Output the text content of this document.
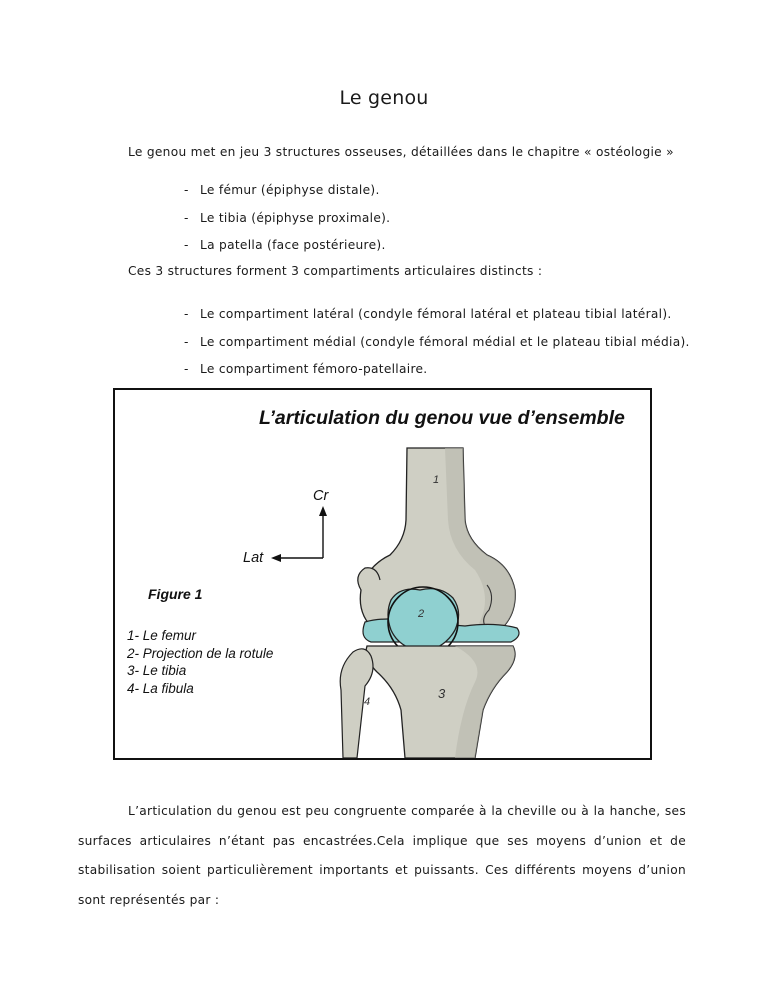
Le genou
Le genou met en jeu 3 structures osseuses, détaillées dans le chapitre « ostéologie »
- Le fémur (épiphyse distale).
- Le tibia (épiphyse proximale).
- La patella (face postérieure).
Ces 3 structures forment 3 compartiments articulaires distincts :
- Le compartiment latéral (condyle fémoral latéral et plateau tibial latéral).
- Le compartiment médial (condyle fémoral médial et le plateau tibial média).
- Le compartiment fémoro-patellaire.
L’articulation du genou vue d’ensemble
Cr
Lat
Figure 1
1- Le femur
2- Projection de la rotule
3- Le tibia
4- La fibula
1
2
3
4
L’articulation du genou est peu congruente comparée à la cheville ou à la hanche, ses
surfaces articulaires n’étant pas encastrées.Cela implique que ses moyens d’union et de
stabilisation soient particulièrement importants et puissants. Ces différents moyens d’union
sont représentés par :
